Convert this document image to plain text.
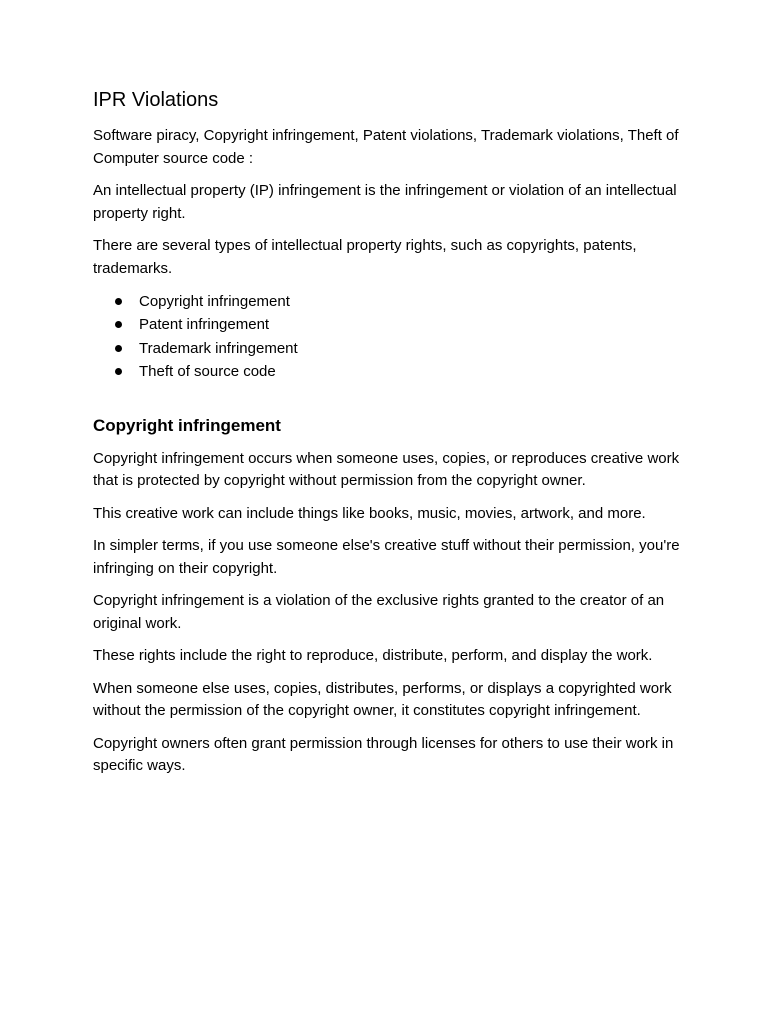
IPR Violations

Software piracy, Copyright infringement, Patent violations, Trademark violations, Theft of Computer source code :

An intellectual property (IP) infringement is the infringement or violation of an intellectual property right.

There are several types of intellectual property rights, such as copyrights, patents, trademarks.

Copyright infringement
Patent infringement
Trademark infringement
Theft of source code
Copyright infringement

Copyright infringement occurs when someone uses, copies, or reproduces creative work that is protected by copyright without permission from the copyright owner.

This creative work can include things like books, music, movies, artwork, and more.

In simpler terms, if you use someone else's creative stuff without their permission, you're infringing on their copyright.

Copyright infringement is a violation of the exclusive rights granted to the creator of an original work.

These rights include the right to reproduce, distribute, perform, and display the work.

When someone else uses, copies, distributes, performs, or displays a copyrighted work without the permission of the copyright owner, it constitutes copyright infringement.

Copyright owners often grant permission through licenses for others to use their work in specific ways.
